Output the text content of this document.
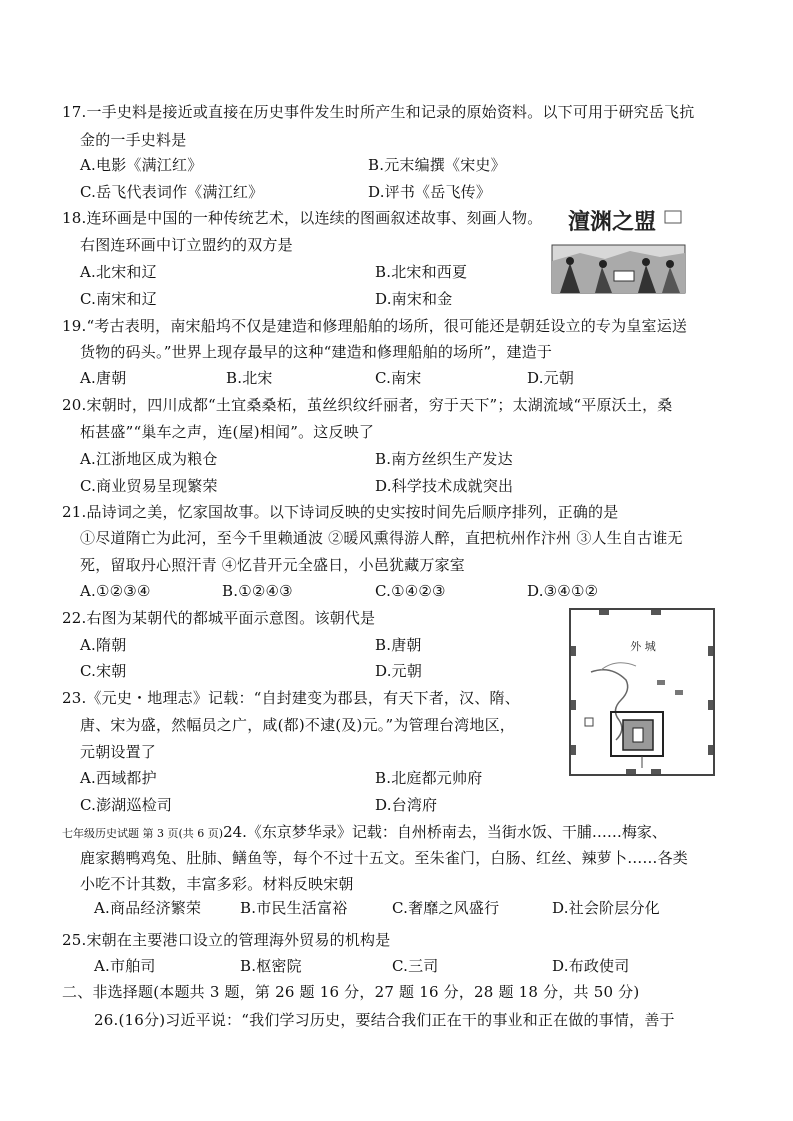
17.一手史料是接近或直接在历史事件发生时所产生和记录的原始资料。以下可用于研究岳飞抗
金的一手史料是
A.电影《满江红》	B.元末编撰《宋史》
C.岳飞代表词作《满江红》	D.评书《岳飞传》
18.连环画是中国的一种传统艺术，以连续的图画叙述故事、刻画人物。
右图连环画中订立盟约的双方是
A.北宋和辽	B.北宋和西夏
C.南宋和辽	D.南宋和金
澶渊之盟
19.“考古表明，南宋船坞不仅是建造和修理船舶的场所，很可能还是朝廷设立的专为皇室运送
货物的码头。”世界上现存最早的这种“建造和修理船舶的场所”，建造于
A.唐朝	B.北宋	C.南宋	D.元朝
20.宋朝时，四川成都“土宜桑桑柘，茧丝织纹纤丽者，穷于天下”；太湖流域“平原沃土，桑
柘甚盛”“巢车之声，连(屋)相闻”。这反映了
A.江浙地区成为粮仓	B.南方丝织生产发达
C.商业贸易呈现繁荣	D.科学技术成就突出
21.品诗词之美，忆家国故事。以下诗词反映的史实按时间先后顺序排列，正确的是
①尽道隋亡为此河，至今千里赖通波 ②暖风熏得游人醉，直把杭州作汴州 ③人生自古谁无
死，留取丹心照汗青 ④忆昔开元全盛日，小邑犹藏万家室
A.①②③④	B.①②④③	C.①④②③	D.③④①②
22.右图为某朝代的都城平面示意图。该朝代是
A.隋朝	B.唐朝
C.宋朝	D.元朝
外 城
23.《元史・地理志》记载：“自封建变为郡县，有天下者，汉、隋、
唐、宋为盛，然幅员之广，咸(都)不逮(及)元。”为管理台湾地区，
元朝设置了
A.西域都护	B.北庭都元帅府
C.澎湖巡检司	D.台湾府
七年级历史试题 第 3 页(共 6 页)24.《东京梦华录》记载：自州桥南去，当街水饭、干脯……梅家、
鹿家鹅鸭鸡兔、肚肺、鳝鱼等，每个不过十五文。至朱雀门，白肠、红丝、辣萝卜……各类
小吃不计其数，丰富多彩。材料反映宋朝
A.商品经济繁荣	B.市民生活富裕	C.奢靡之风盛行	D.社会阶层分化
25.宋朝在主要港口设立的管理海外贸易的机构是
A.市舶司	B.枢密院	C.三司	D.布政使司
二、非选择题(本题共 3 题，第 26 题 16 分，27 题 16 分，28 题 18 分，共 50 分)
26.(16分)习近平说：“我们学习历史，要结合我们正在干的事业和正在做的事情，善于
